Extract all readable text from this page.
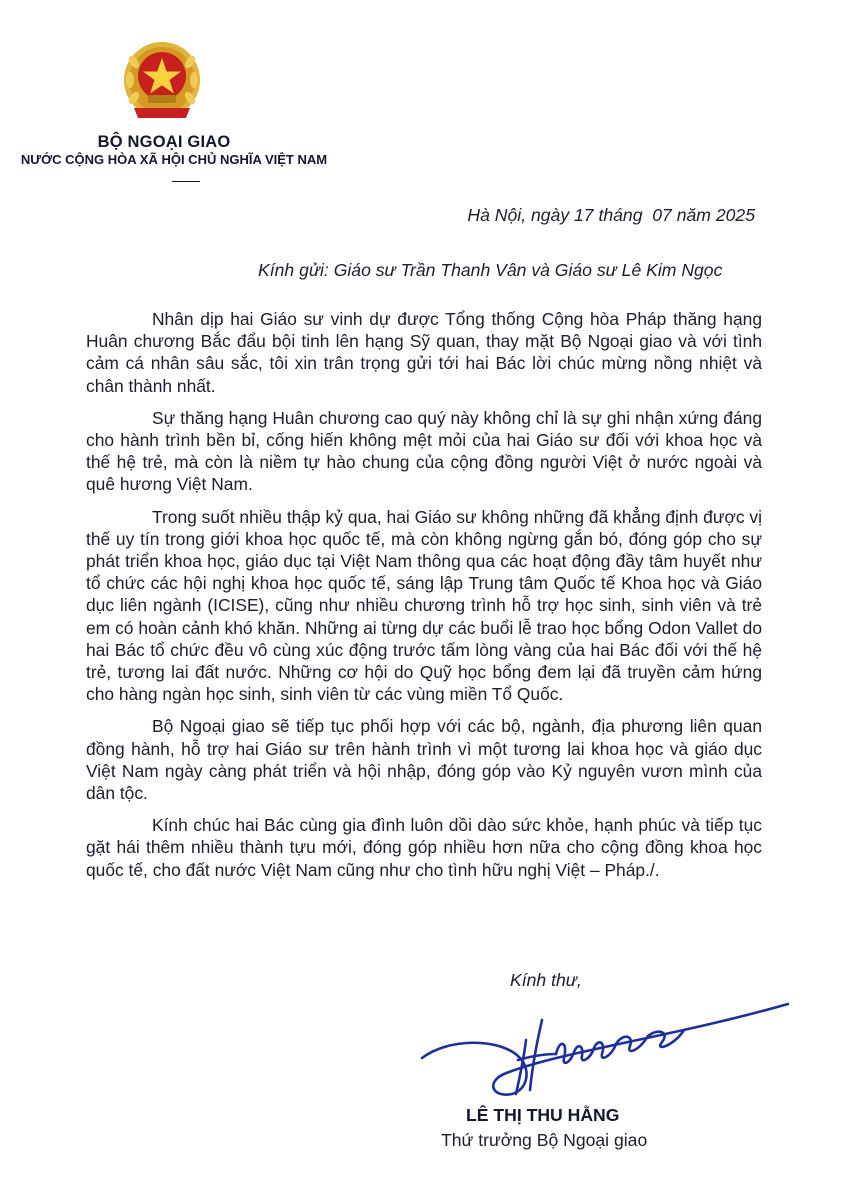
BỘ NGOẠI GIAO
NƯỚC CỘNG HÒA XÃ HỘI CHỦ NGHĨA VIỆT NAM
Hà Nội, ngày 17 tháng  07 năm 2025
Kính gửi: Giáo sư Trần Thanh Vân và Giáo sư Lê Kim Ngọc

Nhân dịp hai Giáo sư vinh dự được Tổng thống Cộng hòa Pháp thăng hạng Huân chương Bắc đẩu bội tinh lên hạng Sỹ quan, thay mặt Bộ Ngoại giao và với tình cảm cá nhân sâu sắc, tôi xin trân trọng gửi tới hai Bác lời chúc mừng nồng nhiệt và chân thành nhất.

Sự thăng hạng Huân chương cao quý này không chỉ là sự ghi nhận xứng đáng cho hành trình bền bỉ, cống hiến không mệt mỏi của hai Giáo sư đối với khoa học và thế hệ trẻ, mà còn là niềm tự hào chung của cộng đồng người Việt ở nước ngoài và quê hương Việt Nam.

Trong suốt nhiều thập kỷ qua, hai Giáo sư không những đã khẳng định được vị thế uy tín trong giới khoa học quốc tế, mà còn không ngừng gắn bó, đóng góp cho sự phát triển khoa học, giáo dục tại Việt Nam thông qua các hoạt động đầy tâm huyết như tổ chức các hội nghị khoa học quốc tế, sáng lập Trung tâm Quốc tế Khoa học và Giáo dục liên ngành (ICISE), cũng như nhiều chương trình hỗ trợ học sinh, sinh viên và trẻ em có hoàn cảnh khó khăn. Những ai từng dự các buổi lễ trao học bổng Odon Vallet do hai Bác tổ chức đều vô cùng xúc động trước tấm lòng vàng của hai Bác đối với thế hệ trẻ, tương lai đất nước. Những cơ hội do Quỹ học bổng đem lại đã truyền cảm hứng cho hàng ngàn học sinh, sinh viên từ các vùng miền Tổ Quốc.

Bộ Ngoại giao sẽ tiếp tục phối hợp với các bộ, ngành, địa phương liên quan đồng hành, hỗ trợ hai Giáo sư trên hành trình vì một tương lai khoa học và giáo dục Việt Nam ngày càng phát triển và hội nhập, đóng góp vào Kỷ nguyên vươn mình của dân tộc.

Kính chúc hai Bác cùng gia đình luôn dồi dào sức khỏe, hạnh phúc và tiếp tục gặt hái thêm nhiều thành tựu mới, đóng góp nhiều hơn nữa cho cộng đồng khoa học quốc tế, cho đất nước Việt Nam cũng như cho tình hữu nghị Việt – Pháp./.

Kính thư,
LÊ THỊ THU HẰNG
Thứ trưởng Bộ Ngoại giao
